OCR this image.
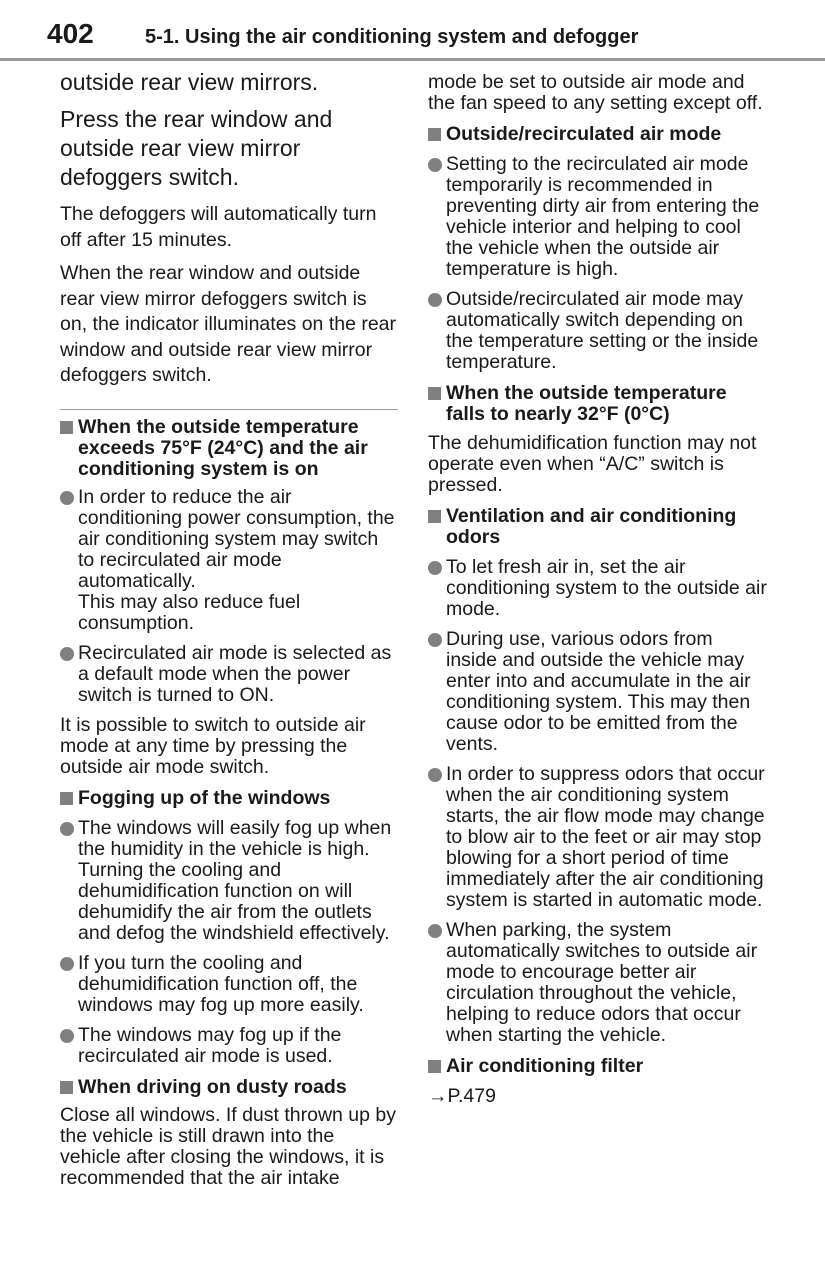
402	5-1. Using the air conditioning system and defogger

outside rear view mirrors.

Press the rear window and outside rear view mirror defoggers switch.

The defoggers will automatically turn off after 15 minutes.

When the rear window and outside rear view mirror defoggers switch is on, the indicator illuminates on the rear window and outside rear view mirror defoggers switch.

When the outside temperature exceeds 75°F (24°C) and the air conditioning system is on
In order to reduce the air conditioning power consumption, the air conditioning system may switch to recirculated air mode automatically.
This may also reduce fuel consumption.
Recirculated air mode is selected as a default mode when the power switch is turned to ON.

It is possible to switch to outside air mode at any time by pressing the outside air mode switch.

Fogging up of the windows
The windows will easily fog up when the humidity in the vehicle is high. Turning the cooling and dehumidification function on will dehumidify the air from the outlets and defog the windshield effectively.
If you turn the cooling and dehumidification function off, the windows may fog up more easily.
The windows may fog up if the recirculated air mode is used.
When driving on dusty roads

Close all windows. If dust thrown up by the vehicle is still drawn into the vehicle after closing the windows, it is recommended that the air intake

mode be set to outside air mode and the fan speed to any setting except off.

Outside/recirculated air mode
Setting to the recirculated air mode temporarily is recommended in preventing dirty air from entering the vehicle interior and helping to cool the vehicle when the outside air temperature is high.
Outside/recirculated air mode may automatically switch depending on the temperature setting or the inside temperature.
When the outside temperature falls to nearly 32°F (0°C)

The dehumidification function may not operate even when “A/C” switch is pressed.

Ventilation and air conditioning odors
To let fresh air in, set the air conditioning system to the outside air mode.
During use, various odors from inside and outside the vehicle may enter into and accumulate in the air conditioning system. This may then cause odor to be emitted from the vents.
In order to suppress odors that occur when the air conditioning system starts, the air flow mode may change to blow air to the feet or air may stop blowing for a short period of time immediately after the air conditioning system is started in automatic mode.
When parking, the system automatically switches to outside air mode to encourage better air circulation throughout the vehicle, helping to reduce odors that occur when starting the vehicle.
Air conditioning filter

→P.479
